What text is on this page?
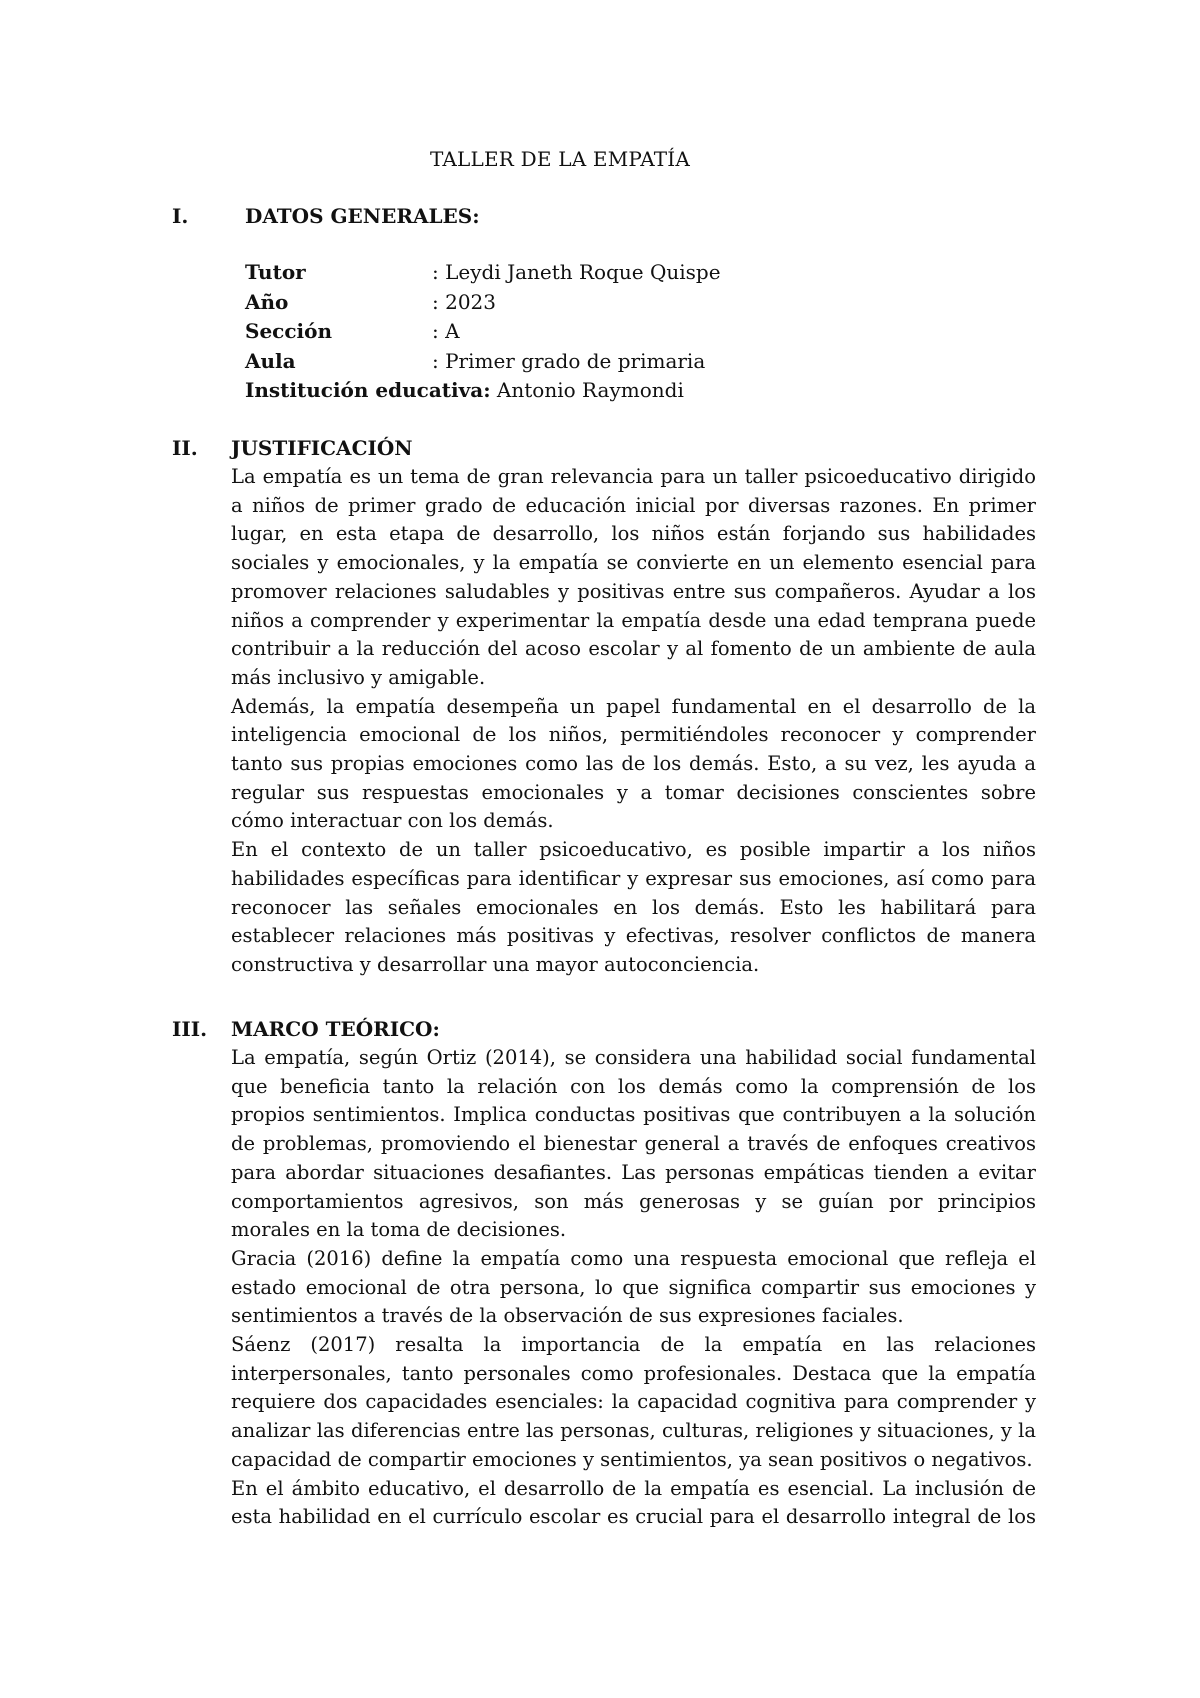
TALLER DE LA EMPATÍA
I.	DATOS GENERALES:
Tutor	: Leydi Janeth Roque Quispe
Año	: 2023
Sección	: A
Aula	: Primer grado de primaria
Institución educativa: Antonio Raymondi
II. JUSTIFICACIÓN

La empatía es un tema de gran relevancia para un taller psicoeducativo dirigido a niños de primer grado de educación inicial por diversas razones. En primer lugar, en esta etapa de desarrollo, los niños están forjando sus habilidades sociales y emocionales, y la empatía se convierte en un elemento esencial para promover relaciones saludables y positivas entre sus compañeros. Ayudar a los niños a comprender y experimentar la empatía desde una edad temprana puede contribuir a la reducción del acoso escolar y al fomento de un ambiente de aula más inclusivo y amigable.

Además, la empatía desempeña un papel fundamental en el desarrollo de la inteligencia emocional de los niños, permitiéndoles reconocer y comprender tanto sus propias emociones como las de los demás. Esto, a su vez, les ayuda a regular sus respuestas emocionales y a tomar decisiones conscientes sobre cómo interactuar con los demás.

En el contexto de un taller psicoeducativo, es posible impartir a los niños habilidades específicas para identificar y expresar sus emociones, así como para reconocer las señales emocionales en los demás. Esto les habilitará para establecer relaciones más positivas y efectivas, resolver conflictos de manera constructiva y desarrollar una mayor autoconciencia.

III. MARCO TEÓRICO:

La empatía, según Ortiz (2014), se considera una habilidad social fundamental que beneficia tanto la relación con los demás como la comprensión de los propios sentimientos. Implica conductas positivas que contribuyen a la solución de problemas, promoviendo el bienestar general a través de enfoques creativos para abordar situaciones desafiantes. Las personas empáticas tienden a evitar comportamientos agresivos, son más generosas y se guían por principios morales en la toma de decisiones.

Gracia (2016) define la empatía como una respuesta emocional que refleja el estado emocional de otra persona, lo que significa compartir sus emociones y sentimientos a través de la observación de sus expresiones faciales.

Sáenz (2017) resalta la importancia de la empatía en las relaciones interpersonales, tanto personales como profesionales. Destaca que la empatía requiere dos capacidades esenciales: la capacidad cognitiva para comprender y analizar las diferencias entre las personas, culturas, religiones y situaciones, y la capacidad de compartir emociones y sentimientos, ya sean positivos o negativos.

En el ámbito educativo, el desarrollo de la empatía es esencial. La inclusión de esta habilidad en el currículo escolar es crucial para el desarrollo integral de los
